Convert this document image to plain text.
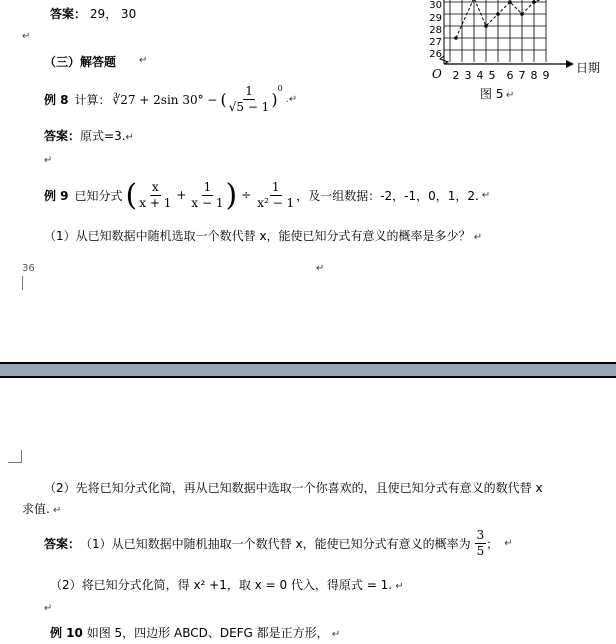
答案： 29， 30
↵
（三）解答题 ↵
例 8 计算： ∛27 + 2sin 30° − ( $\frac{1}{√5 - 1}$ )
$^0$
.↵
答案：原式=3.↵
↵
例 9 已知分式 ( $\frac{x}{x + 1} + \frac{1}{x - 1}$ ) ÷ $\frac{1}{\text{x² − 1}}$ ，及一组数据：-2，-1，0，1，2. ↵
（1）从已知数据中随机选取一个数代替 x，能使已知分式有意义的概率是多少？ ↵
36	↵
26
27
28
29
30
O 2 3 4 5 6 7 8 9
日期
图 5 ↵
（2）先将已知分式化简，再从已知数据中选取一个你喜欢的，且使已知分式有意义的数代替 x
求值. ↵
答案： （1）从已知数据中随机抽取一个数代替 x，能使已知分式有意义的概率为 $\frac{3}{5}$ ； ↵
（2）将已知分式化简，得 x² +1，取 x = 0 代入，得原式 = 1. ↵
↵
例 10 如图 5，四边形 ABCD、DEFG 都是正方形， ↵
